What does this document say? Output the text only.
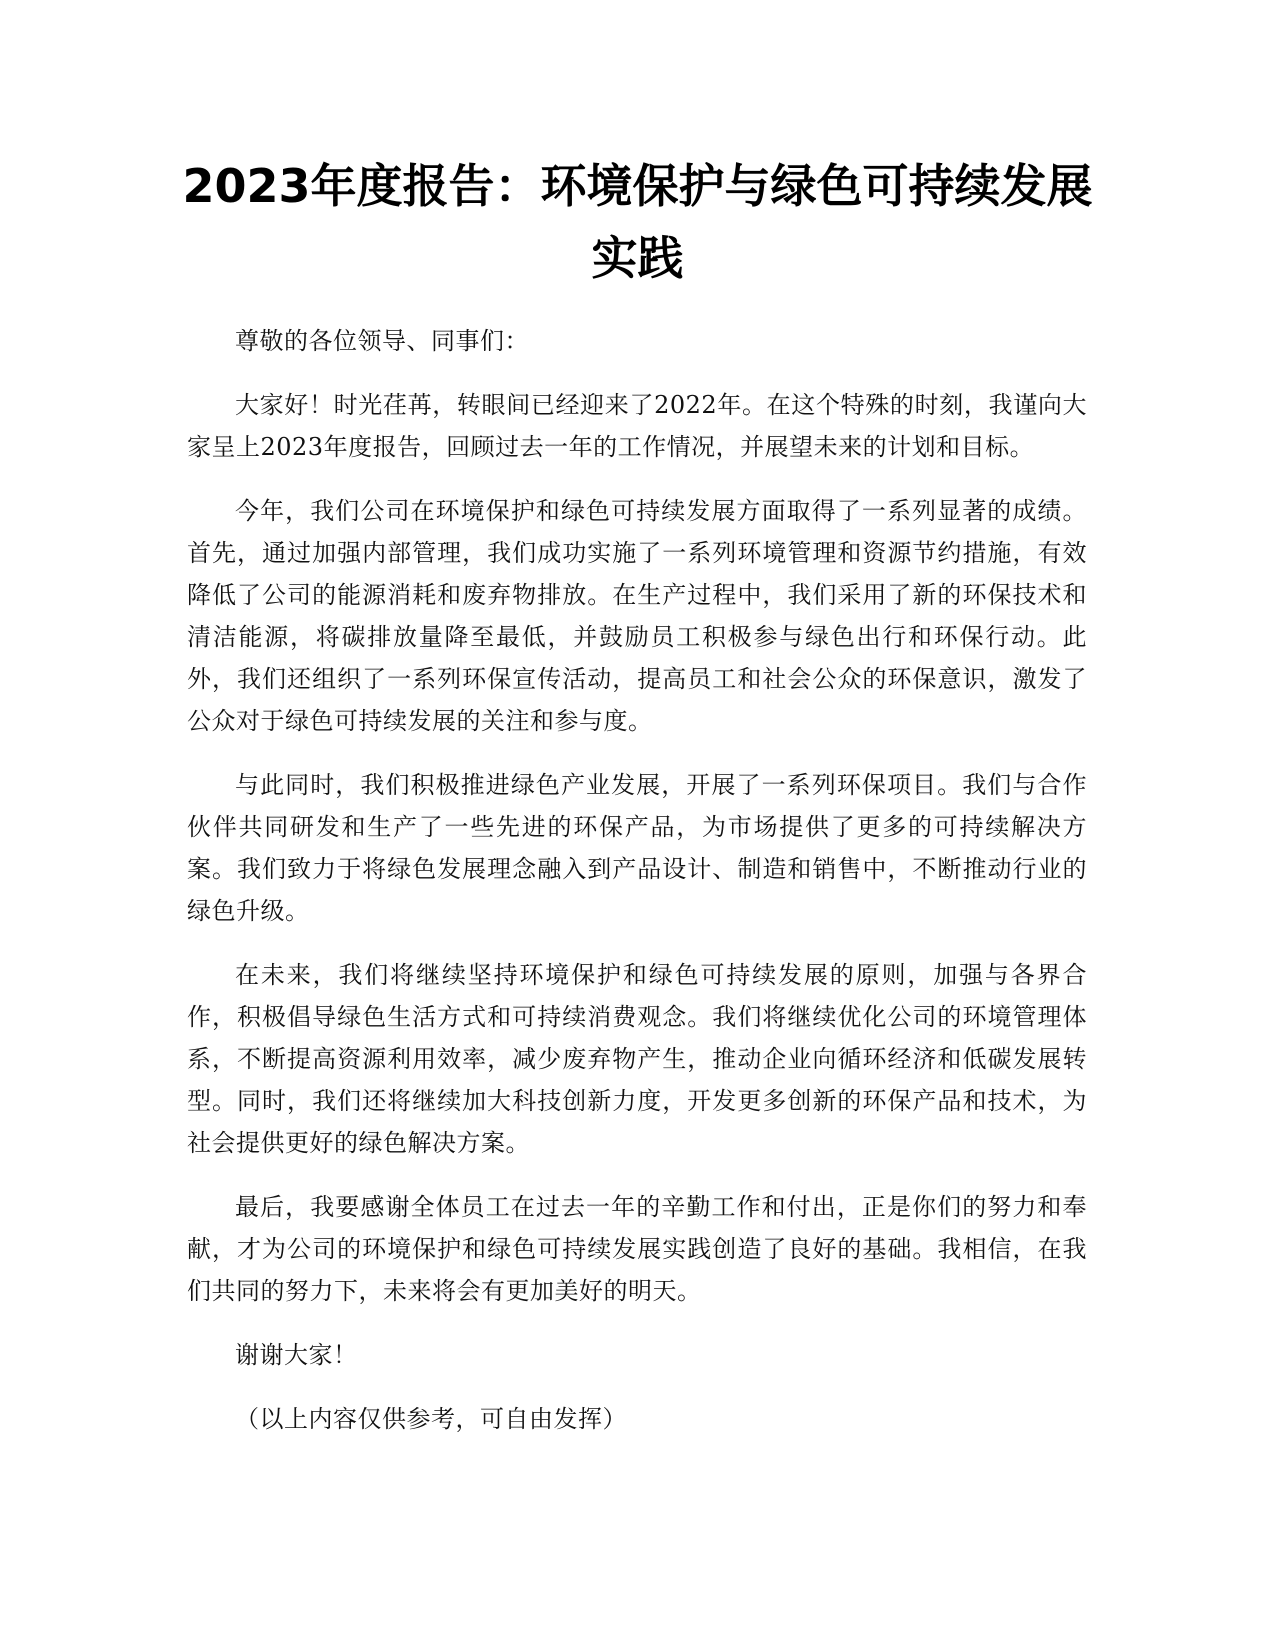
2023年度报告：环境保护与绿色可持续发展实践

尊敬的各位领导、同事们：

大家好！时光荏苒，转眼间已经迎来了2022年。在这个特殊的时刻，我谨向大家呈上2023年度报告，回顾过去一年的工作情况，并展望未来的计划和目标。

今年，我们公司在环境保护和绿色可持续发展方面取得了一系列显著的成绩。首先，通过加强内部管理，我们成功实施了一系列环境管理和资源节约措施，有效降低了公司的能源消耗和废弃物排放。在生产过程中，我们采用了新的环保技术和清洁能源，将碳排放量降至最低，并鼓励员工积极参与绿色出行和环保行动。此外，我们还组织了一系列环保宣传活动，提高员工和社会公众的环保意识，激发了公众对于绿色可持续发展的关注和参与度。

与此同时，我们积极推进绿色产业发展，开展了一系列环保项目。我们与合作伙伴共同研发和生产了一些先进的环保产品，为市场提供了更多的可持续解决方案。我们致力于将绿色发展理念融入到产品设计、制造和销售中，不断推动行业的绿色升级。

在未来，我们将继续坚持环境保护和绿色可持续发展的原则，加强与各界合作，积极倡导绿色生活方式和可持续消费观念。我们将继续优化公司的环境管理体系，不断提高资源利用效率，减少废弃物产生，推动企业向循环经济和低碳发展转型。同时，我们还将继续加大科技创新力度，开发更多创新的环保产品和技术，为社会提供更好的绿色解决方案。

最后，我要感谢全体员工在过去一年的辛勤工作和付出，正是你们的努力和奉献，才为公司的环境保护和绿色可持续发展实践创造了良好的基础。我相信，在我们共同的努力下，未来将会有更加美好的明天。

谢谢大家！

（以上内容仅供参考，可自由发挥）
